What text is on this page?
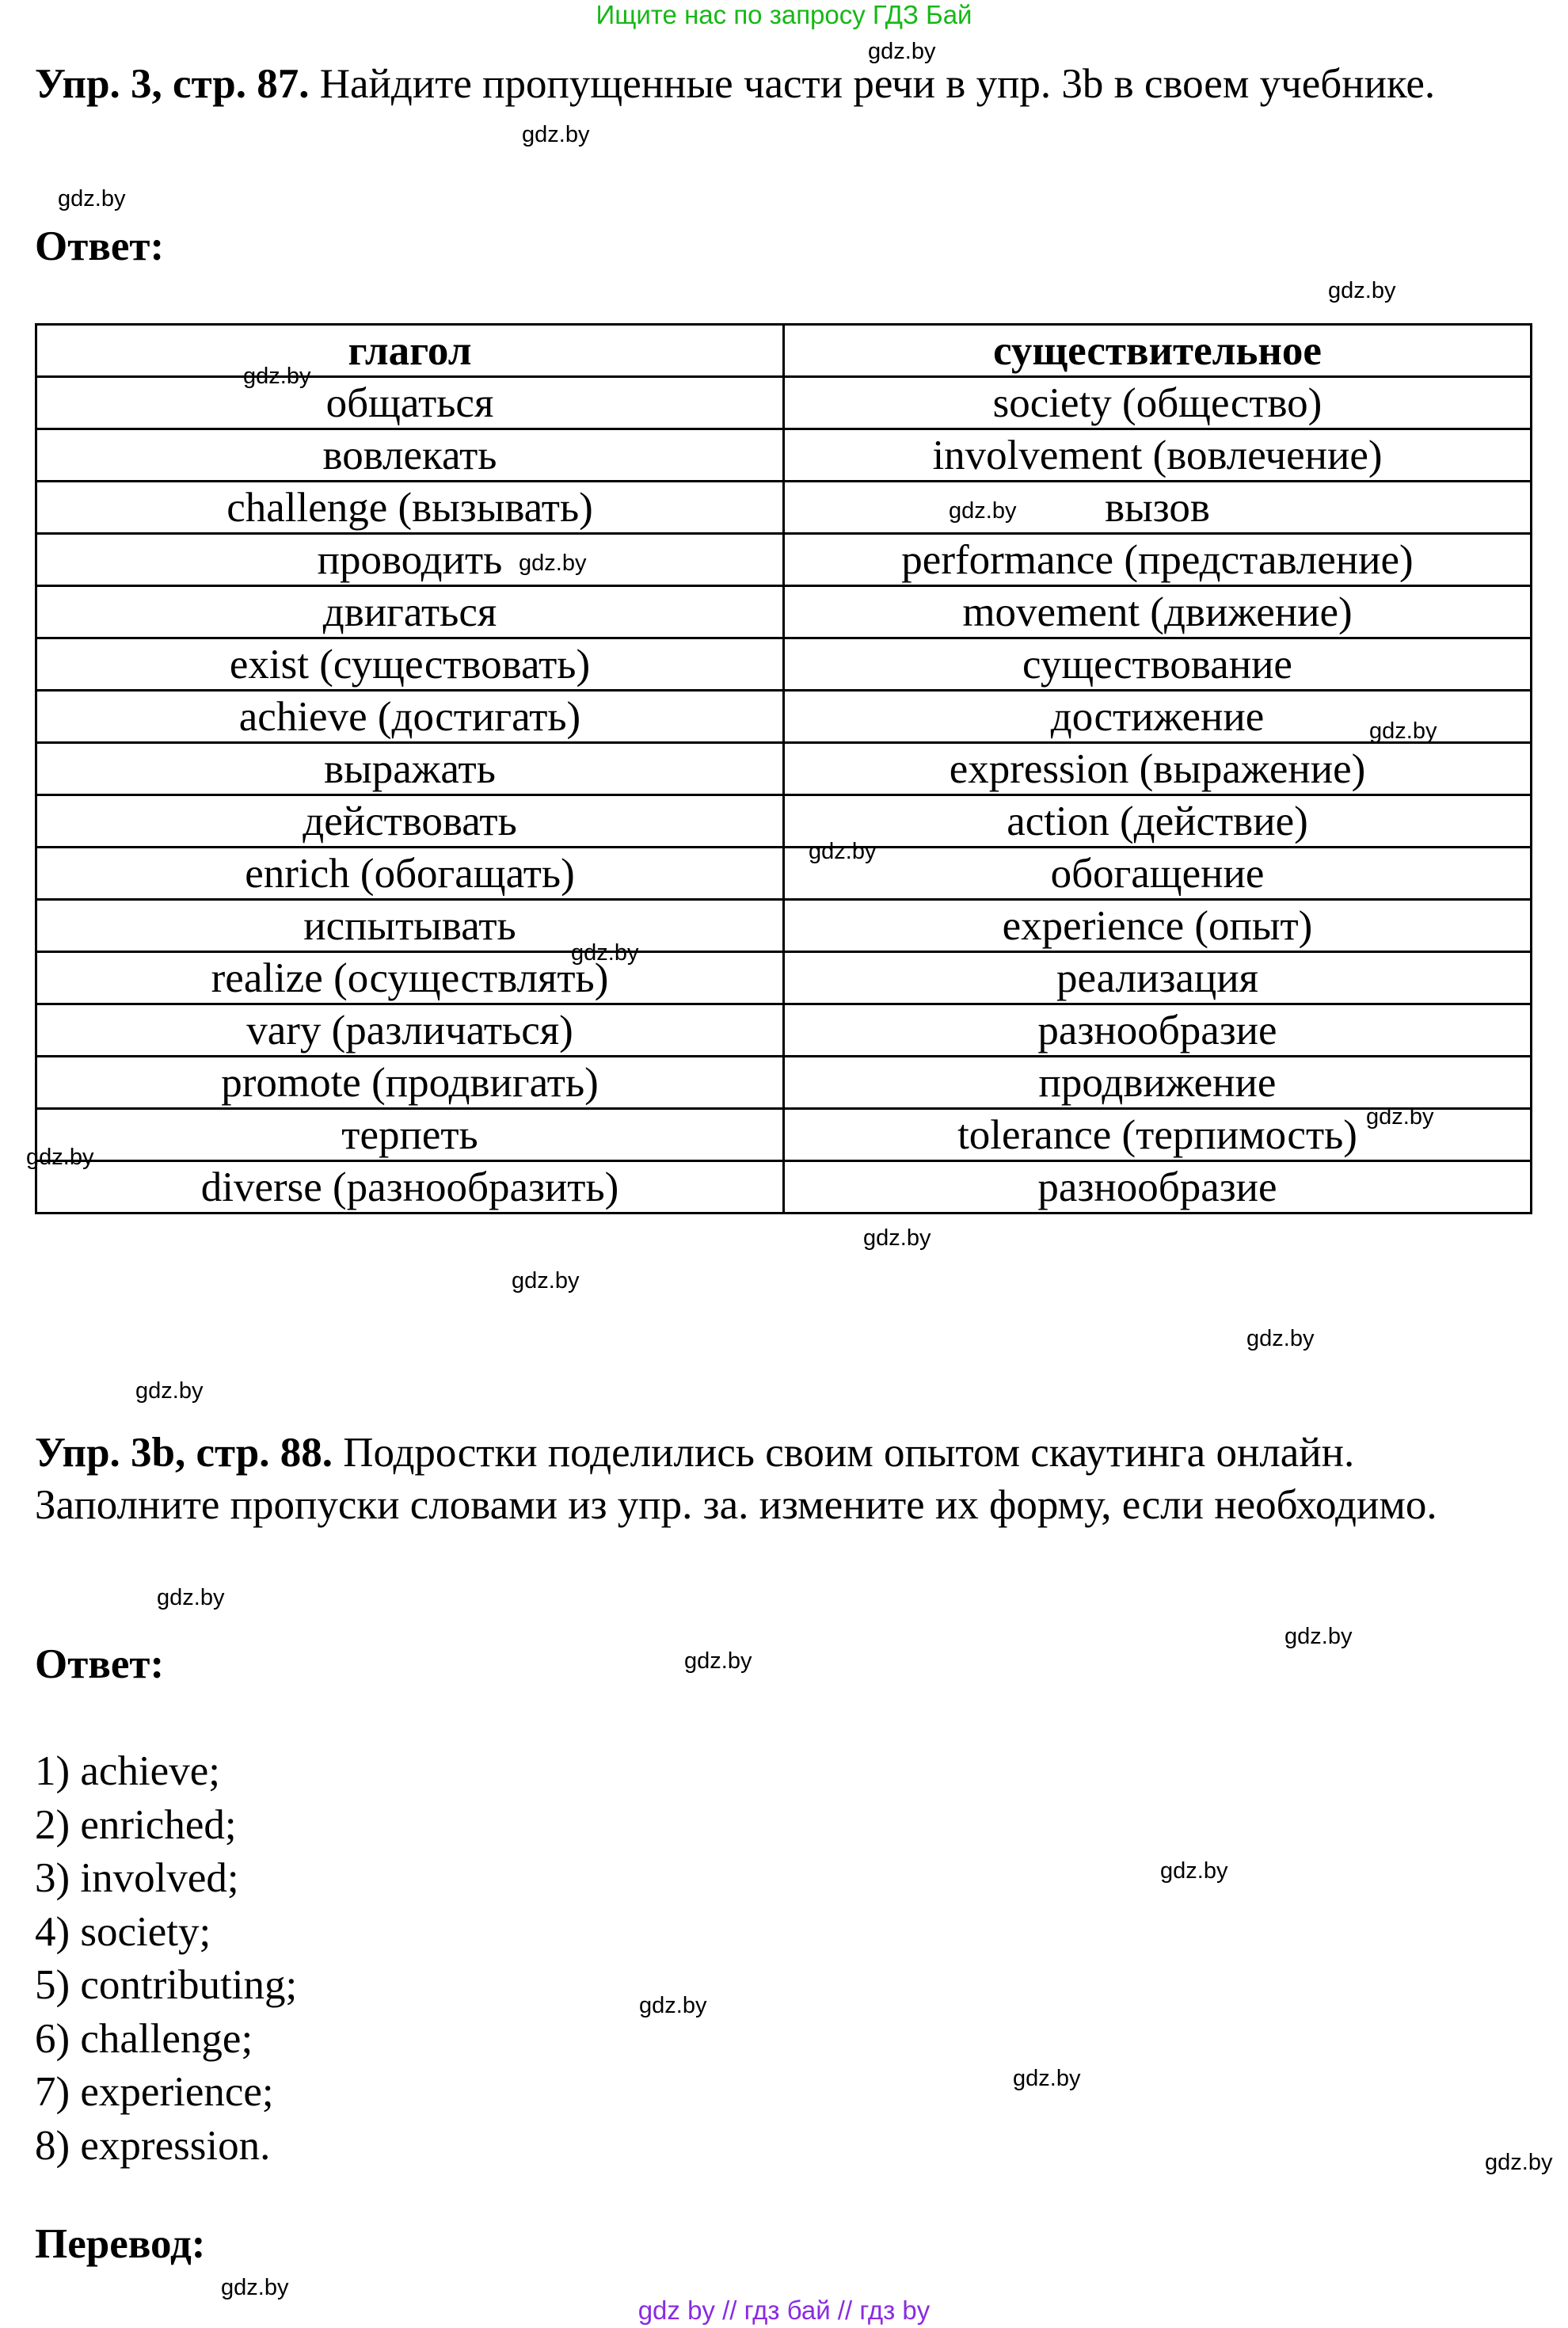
Ищите нас по запросу ГДЗ Бай

Упр. 3, стр. 87. Найдите пропущенные части речи в упр. 3b в своем учебнике.

Ответ:
глагол	существительное
общаться	society (общество)
вовлекать	involvement (вовлечение)
challenge (вызывать)	вызов
проводить	performance (представление)
двигаться	movement (движение)
exist (существовать)	существование
achieve (достигать)	достижение
выражать	expression (выражение)
действовать	action (действие)
enrich (обогащать)	обогащение
испытывать	experience (опыт)
realize (осуществлять)	реализация
vary (различаться)	разнообразие
promote (продвигать)	продвижение
терпеть	tolerance (терпимость)
diverse (разнообразить)	разнообразие

Упр. 3b, стр. 88. Подростки поделились своим опытом скаутинга онлайн. Заполните пропуски словами из упр. за. измените их форму, если необходимо.

Ответ:
1) achieve;
2) enriched;
3) involved;
4) society;
5) contributing;
6) challenge;
7) experience;
8) expression.
Перевод:
gdz.by
gdz.by
gdz.by
gdz.by
gdz.by
gdz.by
gdz.by
gdz.by
gdz.by
gdz.by
gdz.by
gdz.by
gdz.by
gdz.by
gdz.by
gdz.by
gdz.by
gdz.by
gdz.by
gdz.by
gdz.by
gdz.by
gdz.by
gdz.by
gdz by // гдз бай // гдз by
